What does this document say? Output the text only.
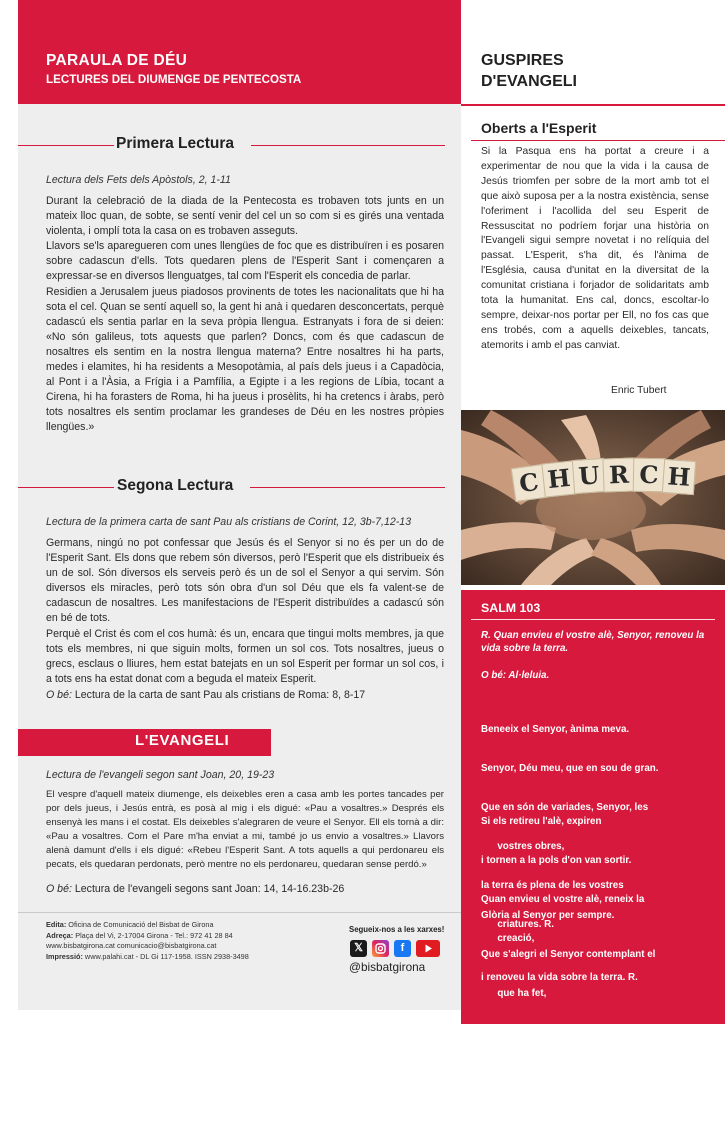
PARAULA DE DÉU
LECTURES DEL DIUMENGE DE PENTECOSTA
Primera Lectura
Lectura dels Fets dels Apòstols, 2, 1-11

Durant la celebració de la diada de la Pentecosta es trobaven tots junts en un mateix lloc quan, de sobte, se sentí venir del cel un so com si es girés una ventada violenta, i omplí tota la casa on es trobaven asseguts.

Llavors se'ls aparegueren com unes llengües de foc que es distribuïren i es posaren sobre cadascun d'ells. Tots quedaren plens de l'Esperit Sant i començaren a expressar-se en diversos llenguatges, tal com l'Esperit els concedia de parlar.

Residien a Jerusalem jueus piadosos provinents de totes les nacionalitats que hi ha sota el cel. Quan se sentí aquell so, la gent hi anà i quedaren desconcertats, perquè cadascú els sentia parlar en la seva pròpia llengua. Estranyats i fora de si deien: «No són galileus, tots aquests que parlen? Doncs, com és que cadascun de nosaltres els sentim en la nostra llengua materna? Entre nosaltres hi ha parts, medes i elamites, hi ha residents a Mesopotàmia, al país dels jueus i a Capadòcia, al Pont i a l'Àsia, a Frígia i a Pamfília, a Egipte i a les regions de Líbia, tocant a Cirena, hi ha forasters de Roma, hi ha jueus i prosèlits, hi ha cretencs i àrabs, però tots nosaltres els sentim proclamar les grandeses de Déu en les nostres pròpies llengües.»

Segona Lectura
Lectura de la primera carta de sant Pau als cristians de Corint, 12, 3b-7,12-13

Germans, ningú no pot confessar que Jesús és el Senyor si no és per un do de l'Esperit Sant. Els dons que rebem són diversos, però l'Esperit que els distribueix és un de sol. Són diversos els serveis però és un de sol el Senyor a qui servim. Són diversos els miracles, però tots són obra d'un sol Déu que els fa valent-se de cadascun de nosaltres. Les manifestacions de l'Esperit distribuïdes a cadascú són en bé de tots.

Perquè el Crist és com el cos humà: és un, encara que tingui molts membres, ja que tots els membres, ni que siguin molts, formen un sol cos. Tots nosaltres, jueus o grecs, esclaus o lliures, hem estat batejats en un sol Esperit per formar un sol cos, i a tots ens ha estat donat com a beguda el mateix Esperit.

O bé: Lectura de la carta de sant Pau als cristians de Roma: 8, 8-17
L'EVANGELI
Lectura de l'evangeli segon sant Joan, 20, 19-23

El vespre d'aquell mateix diumenge, els deixebles eren a casa amb les portes tancades per por dels jueus, i Jesús entrà, es posà al mig i els digué: «Pau a vosaltres.» Després els ensenyà les mans i el costat. Els deixebles s'alegraren de veure el Senyor. Ell els tornà a dir: «Pau a vosaltres. Com el Pare m'ha enviat a mi, també jo us envio a vosaltres.» Llavors alenà damunt d'ells i els digué: «Rebeu l'Esperit Sant. A tots aquells a qui perdonareu els pecats, els quedaran perdonats, però mentre no els perdonareu, quedaran sense perdó.»

O bé: Lectura de l'evangeli segons sant Joan: 14, 14-16.23b-26
Edita: Oficina de Comunicació del Bisbat de Girona
Adreça: Plaça del Vi, 2-17004 Girona - Tel.: 972 41 28 84
www.bisbatgirona.cat comunicacio@bisbatgirona.cat
Impressió: www.palahi.cat - DL Gi 117-1958. ISSN 2938-3498
Segueix-nos a les xarxes!
𝕏	f
@bisbatgirona
GUSPIRES
D'EVANGELI
Oberts a l'Esperit
Si la Pasqua ens ha portat a creure i a experimentar de nou que la vida i la causa de Jesús triomfen per sobre de la mort amb tot el que això suposa per a la nostra existència, sense l'oferiment i l'acollida del seu Esperit de Ressuscitat no podríem forjar una història on l'Evangeli sigui sempre novetat i no relíquia del passat. L'Esperit, s'ha dit, és l'ànima de l'Església, causa d'unitat en la diversitat de la comunitat cristiana i forjador de solidaritats amb tota la humanitat. Ens cal, doncs, escoltar-lo sempre, deixar-nos portar per Ell, no fos cas que ens trobés, com a aquells deixebles, tancats, atemorits i amb el pas canviat.
Enric Tubert
C H U R C H
SALM 103
R. Quan envieu el vostre alè, Senyor, renoveu la vida sobre la terra.
O bé: Al·leluia.

Beneeix el Senyor, ànima meva.

Senyor, Déu meu, que en sou de gran.

Que en són de variades, Senyor, les

vostres obres,

la terra és plena de les vostres

criatures. R.

Si els retireu l'alè, expiren

i tornen a la pols d'on van sortir.

Quan envieu el vostre alè, reneix la

creació,

i renoveu la vida sobre la terra. R.

Glòria al Senyor per sempre.

Que s'alegri el Senyor contemplant el

que ha fet,

que li sigui agradable aquest poema,

són per al Senyor aquests cants de

goig. R.
